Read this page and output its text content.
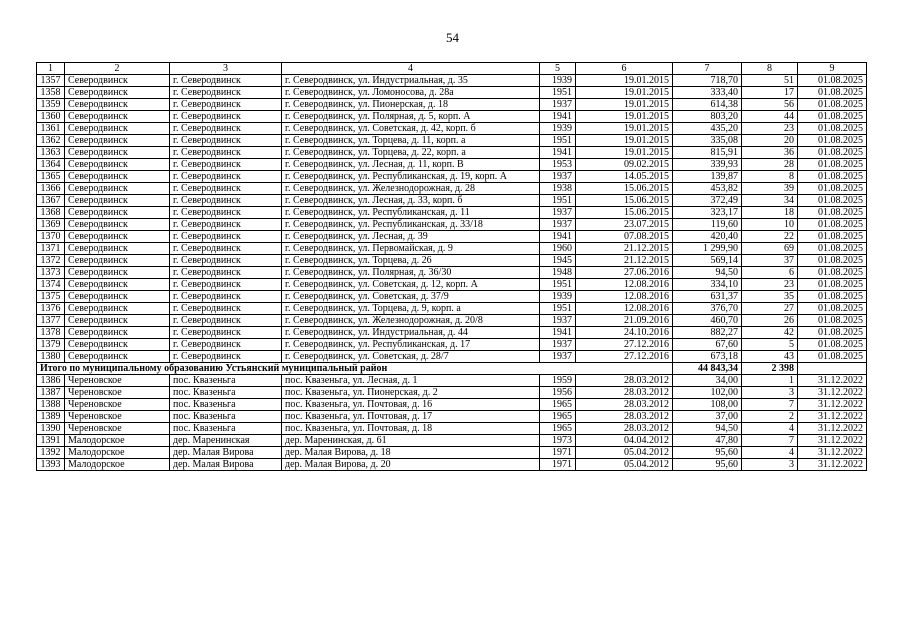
54
1	2	3	4	5	6	7	8	9
1357	Северодвинск	г. Северодвинск	г. Северодвинск, ул. Индустриальная, д. 35	1939	19.01.2015	718,70	51	01.08.2025
1358	Северодвинск	г. Северодвинск	г. Северодвинск, ул. Ломоносова, д. 28а	1951	19.01.2015	333,40	17	01.08.2025
1359	Северодвинск	г. Северодвинск	г. Северодвинск, ул. Пионерская, д. 18	1937	19.01.2015	614,38	56	01.08.2025
1360	Северодвинск	г. Северодвинск	г. Северодвинск, ул. Полярная, д. 5, корп. А	1941	19.01.2015	803,20	44	01.08.2025
1361	Северодвинск	г. Северодвинск	г. Северодвинск, ул. Советская, д. 42, корп. б	1939	19.01.2015	435,20	23	01.08.2025
1362	Северодвинск	г. Северодвинск	г. Северодвинск, ул. Торцева, д. 11, корп. а	1951	19.01.2015	335,08	20	01.08.2025
1363	Северодвинск	г. Северодвинск	г. Северодвинск, ул. Торцева, д. 22, корп. а	1941	19.01.2015	815,91	36	01.08.2025
1364	Северодвинск	г. Северодвинск	г. Северодвинск, ул. Лесная, д. 11, корп. В	1953	09.02.2015	339,93	28	01.08.2025
1365	Северодвинск	г. Северодвинск	г. Северодвинск, ул. Республиканская, д. 19, корп. А	1937	14.05.2015	139,87	8	01.08.2025
1366	Северодвинск	г. Северодвинск	г. Северодвинск, ул. Железнодорожная, д. 28	1938	15.06.2015	453,82	39	01.08.2025
1367	Северодвинск	г. Северодвинск	г. Северодвинск, ул. Лесная, д. 33, корп. б	1951	15.06.2015	372,49	34	01.08.2025
1368	Северодвинск	г. Северодвинск	г. Северодвинск, ул. Республиканская, д. 11	1937	15.06.2015	323,17	18	01.08.2025
1369	Северодвинск	г. Северодвинск	г. Северодвинск, ул. Республиканская, д. 33/18	1937	23.07.2015	119,60	10	01.08.2025
1370	Северодвинск	г. Северодвинск	г. Северодвинск, ул. Лесная, д. 39	1941	07.08.2015	420,40	22	01.08.2025
1371	Северодвинск	г. Северодвинск	г. Северодвинск, ул. Первомайская, д. 9	1960	21.12.2015	1 299,90	69	01.08.2025
1372	Северодвинск	г. Северодвинск	г. Северодвинск, ул. Торцева, д. 26	1945	21.12.2015	569,14	37	01.08.2025
1373	Северодвинск	г. Северодвинск	г. Северодвинск, ул. Полярная, д. 36/30	1948	27.06.2016	94,50	6	01.08.2025
1374	Северодвинск	г. Северодвинск	г. Северодвинск, ул. Советская, д. 12, корп. А	1951	12.08.2016	334,10	23	01.08.2025
1375	Северодвинск	г. Северодвинск	г. Северодвинск, ул. Советская, д. 37/9	1939	12.08.2016	631,37	35	01.08.2025
1376	Северодвинск	г. Северодвинск	г. Северодвинск, ул. Торцева, д. 9, корп. а	1951	12.08.2016	376,70	27	01.08.2025
1377	Северодвинск	г. Северодвинск	г. Северодвинск, ул. Железнодорожная, д. 20/8	1937	21.09.2016	460,70	26	01.08.2025
1378	Северодвинск	г. Северодвинск	г. Северодвинск, ул. Индустриальная, д. 44	1941	24.10.2016	882,27	42	01.08.2025
1379	Северодвинск	г. Северодвинск	г. Северодвинск, ул. Республиканская, д. 17	1937	27.12.2016	67,60	5	01.08.2025
1380	Северодвинск	г. Северодвинск	г. Северодвинск, ул. Советская, д. 28/7	1937	27.12.2016	673,18	43	01.08.2025
Итого по муниципальному образованию Устьянский муниципальный район						44 843,34	2 398	
1386	Череновское	пос. Квазеньга	пос. Квазеньга, ул. Лесная, д. 1	1959	28.03.2012	34,00	1	31.12.2022
1387	Череновское	пос. Квазеньга	пос. Квазеньга, ул. Пионерская, д. 2	1956	28.03.2012	102,00	3	31.12.2022
1388	Череновское	пос. Квазеньга	пос. Квазеньга, ул. Почтовая, д. 16	1965	28.03.2012	108,00	7	31.12.2022
1389	Череновское	пос. Квазеньга	пос. Квазеньга, ул. Почтовая, д. 17	1965	28.03.2012	37,00	2	31.12.2022
1390	Череновское	пос. Квазеньга	пос. Квазеньга, ул. Почтовая, д. 18	1965	28.03.2012	94,50	4	31.12.2022
1391	Малодорское	дер. Маренинская	дер. Маренинская, д. 61	1973	04.04.2012	47,80	7	31.12.2022
1392	Малодорское	дер. Малая Вирова	дер. Малая Вирова, д. 18	1971	05.04.2012	95,60	4	31.12.2022
1393	Малодорское	дер. Малая Вирова	дер. Малая Вирова, д. 20	1971	05.04.2012	95,60	3	31.12.2022
